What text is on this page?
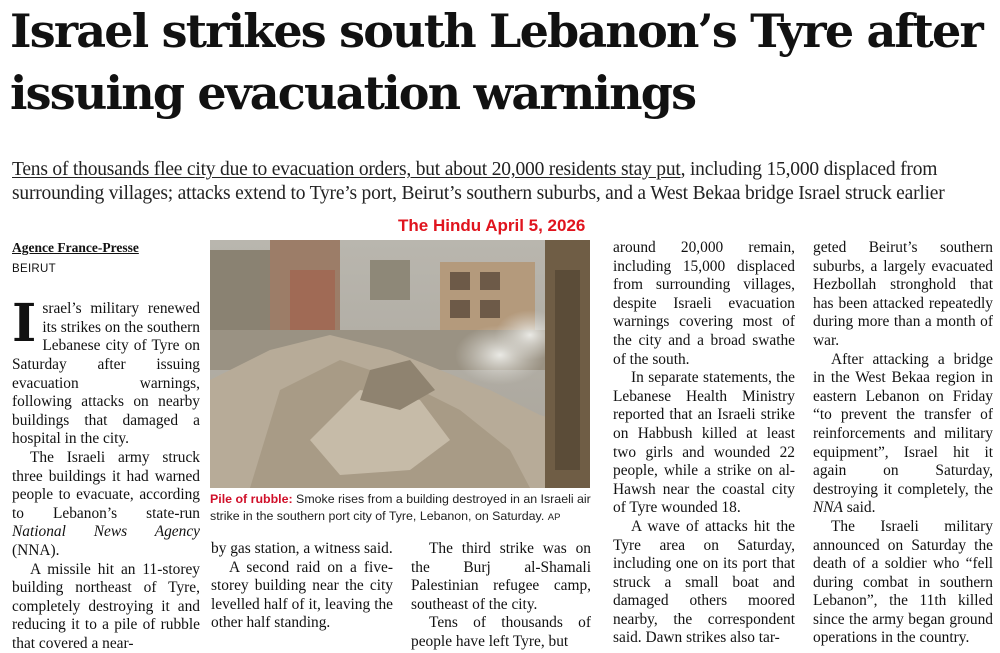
Israel strikes south Lebanon’s Tyre after issuing evacuation warnings
Tens of thousands flee city due to evacuation orders, but about 20,000 residents stay put, including 15,000 displaced from surrounding villages; attacks extend to Tyre’s port, Beirut’s southern suburbs, and a West Bekaa bridge Israel struck earlier
The Hindu April 5, 2026
Agence France-Presse
BEIRUT

Israel’s military renewed its strikes on the southern Lebanese city of Tyre on Saturday after issuing evacuation warnings, following attacks on nearby buildings that damaged a hospital in the city.

The Israeli army struck three buildings it had warned people to evacuate, according to Lebanon’s state-run National News Agency (NNA).

A missile hit an 11-storey building northeast of Tyre, completely destroying it and reducing it to a pile of rubble that covered a near-

Pile of rubble: Smoke rises from a building destroyed in an Israeli air strike in the southern port city of Tyre, Lebanon, on Saturday. AP

by gas station, a witness said.

A second raid on a five-storey building near the city levelled half of it, leaving the other half standing.

The third strike was on the Burj al-Shamali Palestinian refugee camp, southeast of the city.

Tens of thousands of people have left Tyre, but

around 20,000 remain, including 15,000 displaced from surrounding villages, despite Israeli evacuation warnings covering most of the city and a broad swathe of the south.

In separate statements, the Lebanese Health Ministry reported that an Israeli strike on Habbush killed at least two girls and wounded 22 people, while a strike on al-Hawsh near the coastal city of Tyre wounded 18.

A wave of attacks hit the Tyre area on Saturday, including one on its port that struck a small boat and damaged others moored nearby, the correspondent said. Dawn strikes also tar-

geted Beirut’s southern suburbs, a largely evacuated Hezbollah stronghold that has been attacked repeatedly during more than a month of war.

After attacking a bridge in the West Bekaa region in eastern Lebanon on Friday “to prevent the transfer of reinforcements and military equipment”, Israel hit it again on Saturday, destroying it completely, the NNA said.

The Israeli military announced on Saturday the death of a soldier who “fell during combat in southern Lebanon”, the 11th killed since the army began ground operations in the country.
